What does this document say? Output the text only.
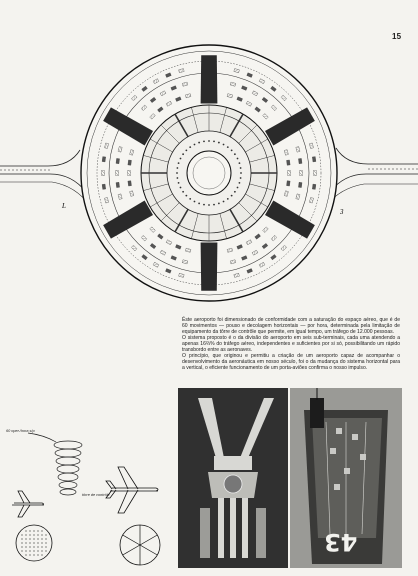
15
L
3

Êste aeroporto foi dimensionado de conformidade com a saturação do espaço aéreo, que é de 60 movimentos — pouso e decolagem horizontais — por hora, determinada pela limitação de equipamento da tôrre de contrôle que permite, em igual tempo, um tráfego de 12.000 pessoas.

O sistema proposto é o da divisão do aeroporto em seis sub-terminais, cada uma atendendo a apenas 16⅔% do tráfego aéreo, independentes e suficientes por si só, possibilitando um rápido transbordo entre as aeronaves.

O princípio, que originou e permitiu a criação de um aeroporto capaz de acompanhar o desenvolvimento da aeronáutica em nosso século, foi o da mudança do sistema horizontal para a vertical, o eficiente funcionamento de um porta-aviões confirma o nosso impulso.

60 oper./hora s/p
tôrre de contrôle
43
